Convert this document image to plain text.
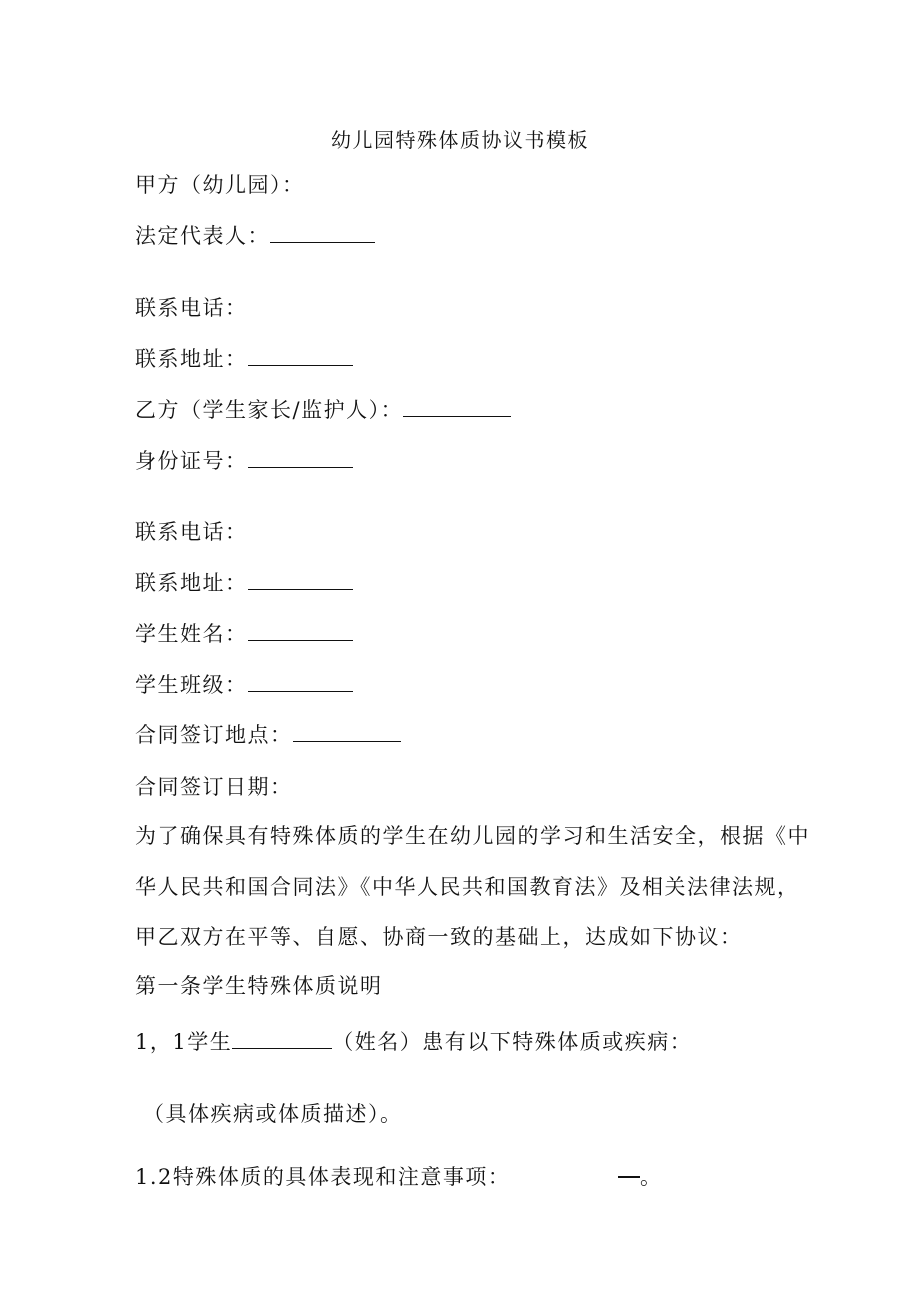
幼儿园特殊体质协议书模板
甲方（幼儿园）：
法定代表人：
联系电话：
联系地址：
乙方（学生家长/监护人）：
身份证号：
联系电话：
联系地址：
学生姓名：
学生班级：
合同签订地点：
合同签订日期：
为了确保具有特殊体质的学生在幼儿园的学习和生活安全，根据《中
华人民共和国合同法》《中华人民共和国教育法》及相关法律法规，
甲乙双方在平等、自愿、协商一致的基础上，达成如下协议：
第一条学生特殊体质说明
1，1学生	（姓名）患有以下特殊体质或疾病：
（具体疾病或体质描述）。
1.2特殊体质的具体表现和注意事项：	。
